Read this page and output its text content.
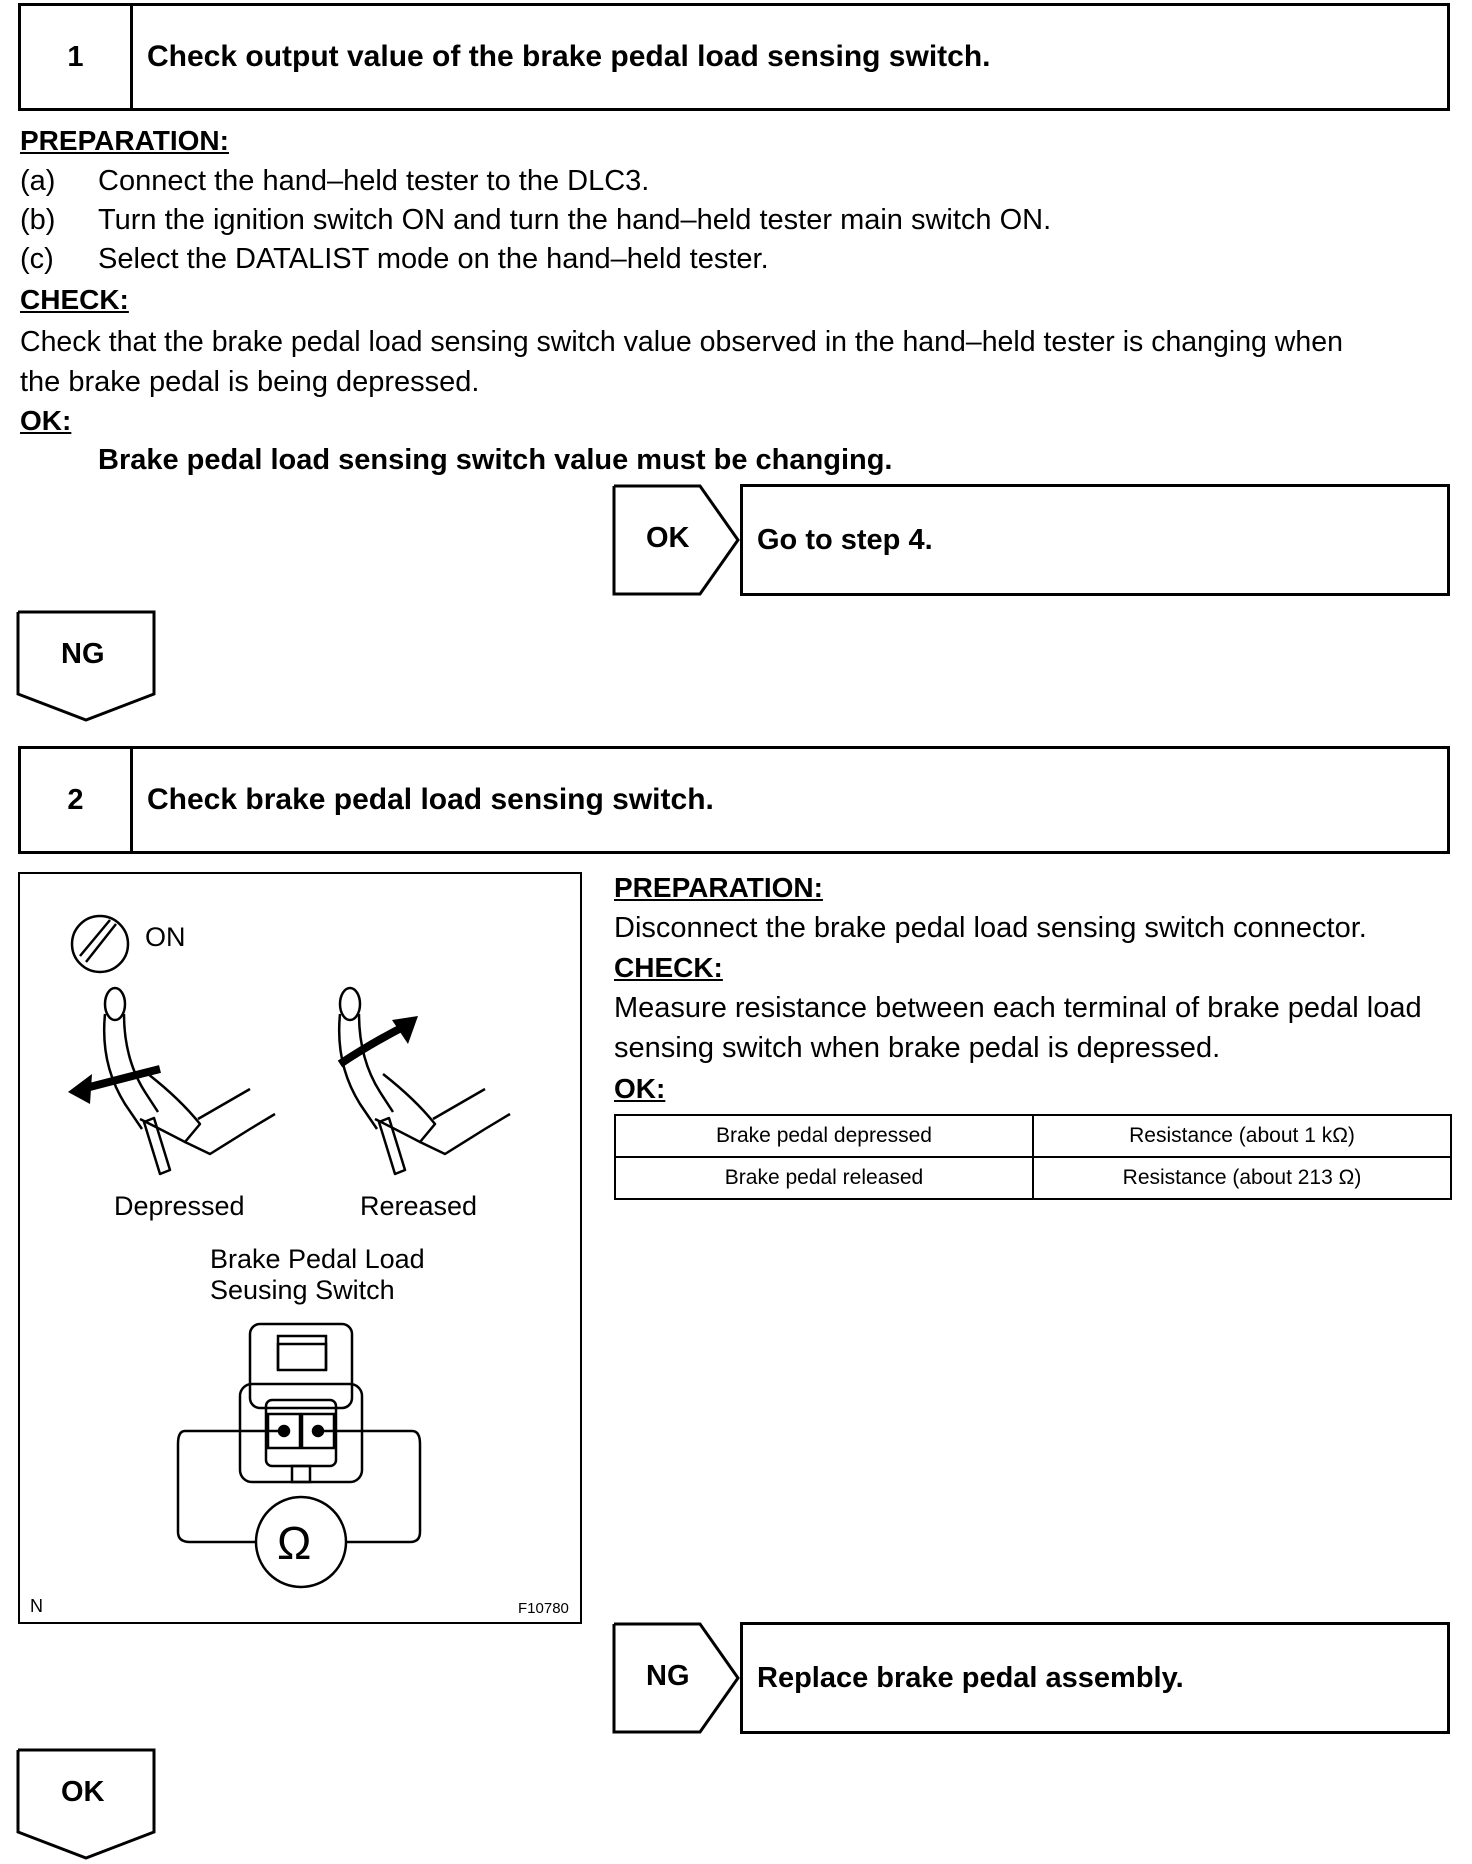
1	Check output value of the brake pedal load sensing switch.
PREPARATION:
(a) Connect the hand–held tester to the DLC3.
(b) Turn the ignition switch ON and turn the hand–held tester main switch ON.
(c) Select the DATALIST mode on the hand–held tester.
CHECK:
Check that the brake pedal load sensing switch value observed in the hand–held tester is changing when
the brake pedal is being depressed.
OK:
Brake pedal load sensing switch value must be changing.
OK Go to step 4.
NG
2	Check brake pedal load sensing switch.
ON
Depressed	Rereased
Brake Pedal Load
Seusing Switch
Ω
N	F10780
PREPARATION:
Disconnect the brake pedal load sensing switch connector.
CHECK:
Measure resistance between each terminal of brake pedal load
sensing switch when brake pedal is depressed.
OK:
Brake pedal depressed	Resistance (about 1 kΩ)
Brake pedal released	Resistance (about 213 Ω)
NG Replace brake pedal assembly.
OK
